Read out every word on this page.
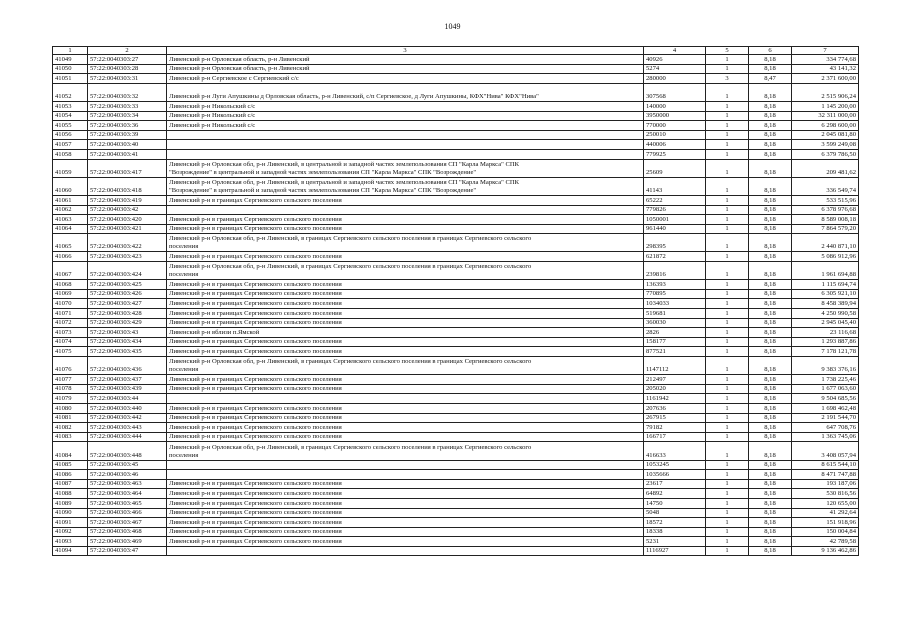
1049
1	2	3	4	5	6	7
41049	57:22:0040303:27	Ливенский р-н Орловская область, р-н Ливенский	40926	1	8,18	334 774,68
41050	57:22:0040303:28	Ливенский р-н Орловская область, р-н Ливенский	5274	1	8,18	43 141,32
41051	57:22:0040303:31	Ливенский р-н Сергиевское с Сергиевский с/с	280000	3	8,47	2 371 600,00
41052	57:22:0040303:32	Ливенский р-н Луги Апушкины д Орловская область, р-н Ливенский, с/п Сергиевское, д Луги Апушкины, КФХ"Нива" КФХ"Нива"	307568	1	8,18	2 515 906,24
41053	57:22:0040303:33	Ливенский р-н Никольский с/с	140000	1	8,18	1 145 200,00
41054	57:22:0040303:34	Ливенский р-н Никольский с/с	3950000	1	8,18	32 311 000,00
41055	57:22:0040303:36	Ливенский р-н Никольский с/с	770000	1	8,18	6 298 600,00
41056	57:22:0040303:39		250010	1	8,18	2 045 081,80
41057	57:22:0040303:40		440006	1	8,18	3 599 249,08
41058	57:22:0040303:41		779925	1	8,18	6 379 786,50
41059	57:22:0040303:417	Ливенский р-н Орловская обл, р-н Ливенский, в центральной и западной частях землепользования СП "Карла Маркса" СПК
"Возрождение" в центральной и западной частях землепользования СП "Карла Маркса" СПК "Возрождение"	25609	1	8,18	209 481,62
41060	57:22:0040303:418	Ливенский р-н Орловская обл, р-н Ливенский, в центральной и западной частях землепользования СП "Карла Маркса" СПК
"Возрождение" в центральной и западной частях землепользования СП "Карла Маркса" СПК "Возрождение"	41143	1	8,18	336 549,74
41061	57:22:0040303:419	Ливенский р-н в границах Сергиевского сельского поселения	65222	1	8,18	533 515,96
41062	57:22:0040303:42		779826	1	8,18	6 378 976,68
41063	57:22:0040303:420	Ливенский р-н в границах Сергиевского сельского поселения	1050001	1	8,18	8 589 008,18
41064	57:22:0040303:421	Ливенский р-н в границах Сергиевского сельского поселения	961440	1	8,18	7 864 579,20
41065	57:22:0040303:422	Ливенский р-н Орловская обл, р-н Ливенский, в границах Сергиевского сельского поселения в границах Сергиевского сельского
поселения	298395	1	8,18	2 440 871,10
41066	57:22:0040303:423	Ливенский р-н в границах Сергиевского сельского поселения	621872	1	8,18	5 086 912,96
41067	57:22:0040303:424	Ливенский р-н Орловская обл, р-н Ливенский, в границах Сергиевского сельского поселения в границах Сергиевского сельского
поселения	239816	1	8,18	1 961 694,88
41068	57:22:0040303:425	Ливенский р-н в границах Сергиевского сельского поселения	136393	1	8,18	1 115 694,74
41069	57:22:0040303:426	Ливенский р-н в границах Сергиевского сельского поселения	770895	1	8,18	6 305 921,10
41070	57:22:0040303:427	Ливенский р-н в границах Сергиевского сельского поселения	1034033	1	8,18	8 458 389,94
41071	57:22:0040303:428	Ливенский р-н в границах Сергиевского сельского поселения	519681	1	8,18	4 250 990,58
41072	57:22:0040303:429	Ливенский р-н в границах Сергиевского сельского поселения	360030	1	8,18	2 945 045,40
41073	57:22:0040303:43	Ливенский р-н вблизи п.Ямской	2826	1	8,18	23 116,68
41074	57:22:0040303:434	Ливенский р-н в границах Сергиевского сельского поселения	158177	1	8,18	1 293 887,86
41075	57:22:0040303:435	Ливенский р-н в границах Сергиевского сельского поселения	877521	1	8,18	7 178 121,78
41076	57:22:0040303:436	Ливенский р-н Орловская обл, р-н Ливенский, в границах Сергиевского сельского поселения в границах Сергиевского сельского
поселения	1147112	1	8,18	9 383 376,16
41077	57:22:0040303:437	Ливенский р-н в границах Сергиевского сельского поселения	212497	1	8,18	1 738 225,46
41078	57:22:0040303:439	Ливенский р-н в границах Сергиевского сельского поселения	205020	1	8,18	1 677 063,60
41079	57:22:0040303:44		1161942	1	8,18	9 504 685,56
41080	57:22:0040303:440	Ливенский р-н в границах Сергиевского сельского поселения	207636	1	8,18	1 698 462,48
41081	57:22:0040303:442	Ливенский р-н в границах Сергиевского сельского поселения	267915	1	8,18	2 191 544,70
41082	57:22:0040303:443	Ливенский р-н в границах Сергиевского сельского поселения	79182	1	8,18	647 708,76
41083	57:22:0040303:444	Ливенский р-н в границах Сергиевского сельского поселения	166717	1	8,18	1 363 745,06
41084	57:22:0040303:448	Ливенский р-н Орловская обл, р-н Ливенский, в границах Сергиевского сельского поселения в границах Сергиевского сельского
поселения	416633	1	8,18	3 408 057,94
41085	57:22:0040303:45		1053245	1	8,18	8 615 544,10
41086	57:22:0040303:46		1035666	1	8,18	8 471 747,88
41087	57:22:0040303:463	Ливенский р-н в границах Сергиевского сельского поселения	23617	1	8,18	193 187,06
41088	57:22:0040303:464	Ливенский р-н в границах Сергиевского сельского поселения	64892	1	8,18	530 816,56
41089	57:22:0040303:465	Ливенский р-н в границах Сергиевского сельского поселения	14750	1	8,18	120 655,00
41090	57:22:0040303:466	Ливенский р-н в границах Сергиевского сельского поселения	5048	1	8,18	41 292,64
41091	57:22:0040303:467	Ливенский р-н в границах Сергиевского сельского поселения	18572	1	8,18	151 918,96
41092	57:22:0040303:468	Ливенский р-н в границах Сергиевского сельского поселения	18338	1	8,18	150 004,84
41093	57:22:0040303:469	Ливенский р-н в границах Сергиевского сельского поселения	5231	1	8,18	42 789,58
41094	57:22:0040303:47		1116927	1	8,18	9 136 462,86
